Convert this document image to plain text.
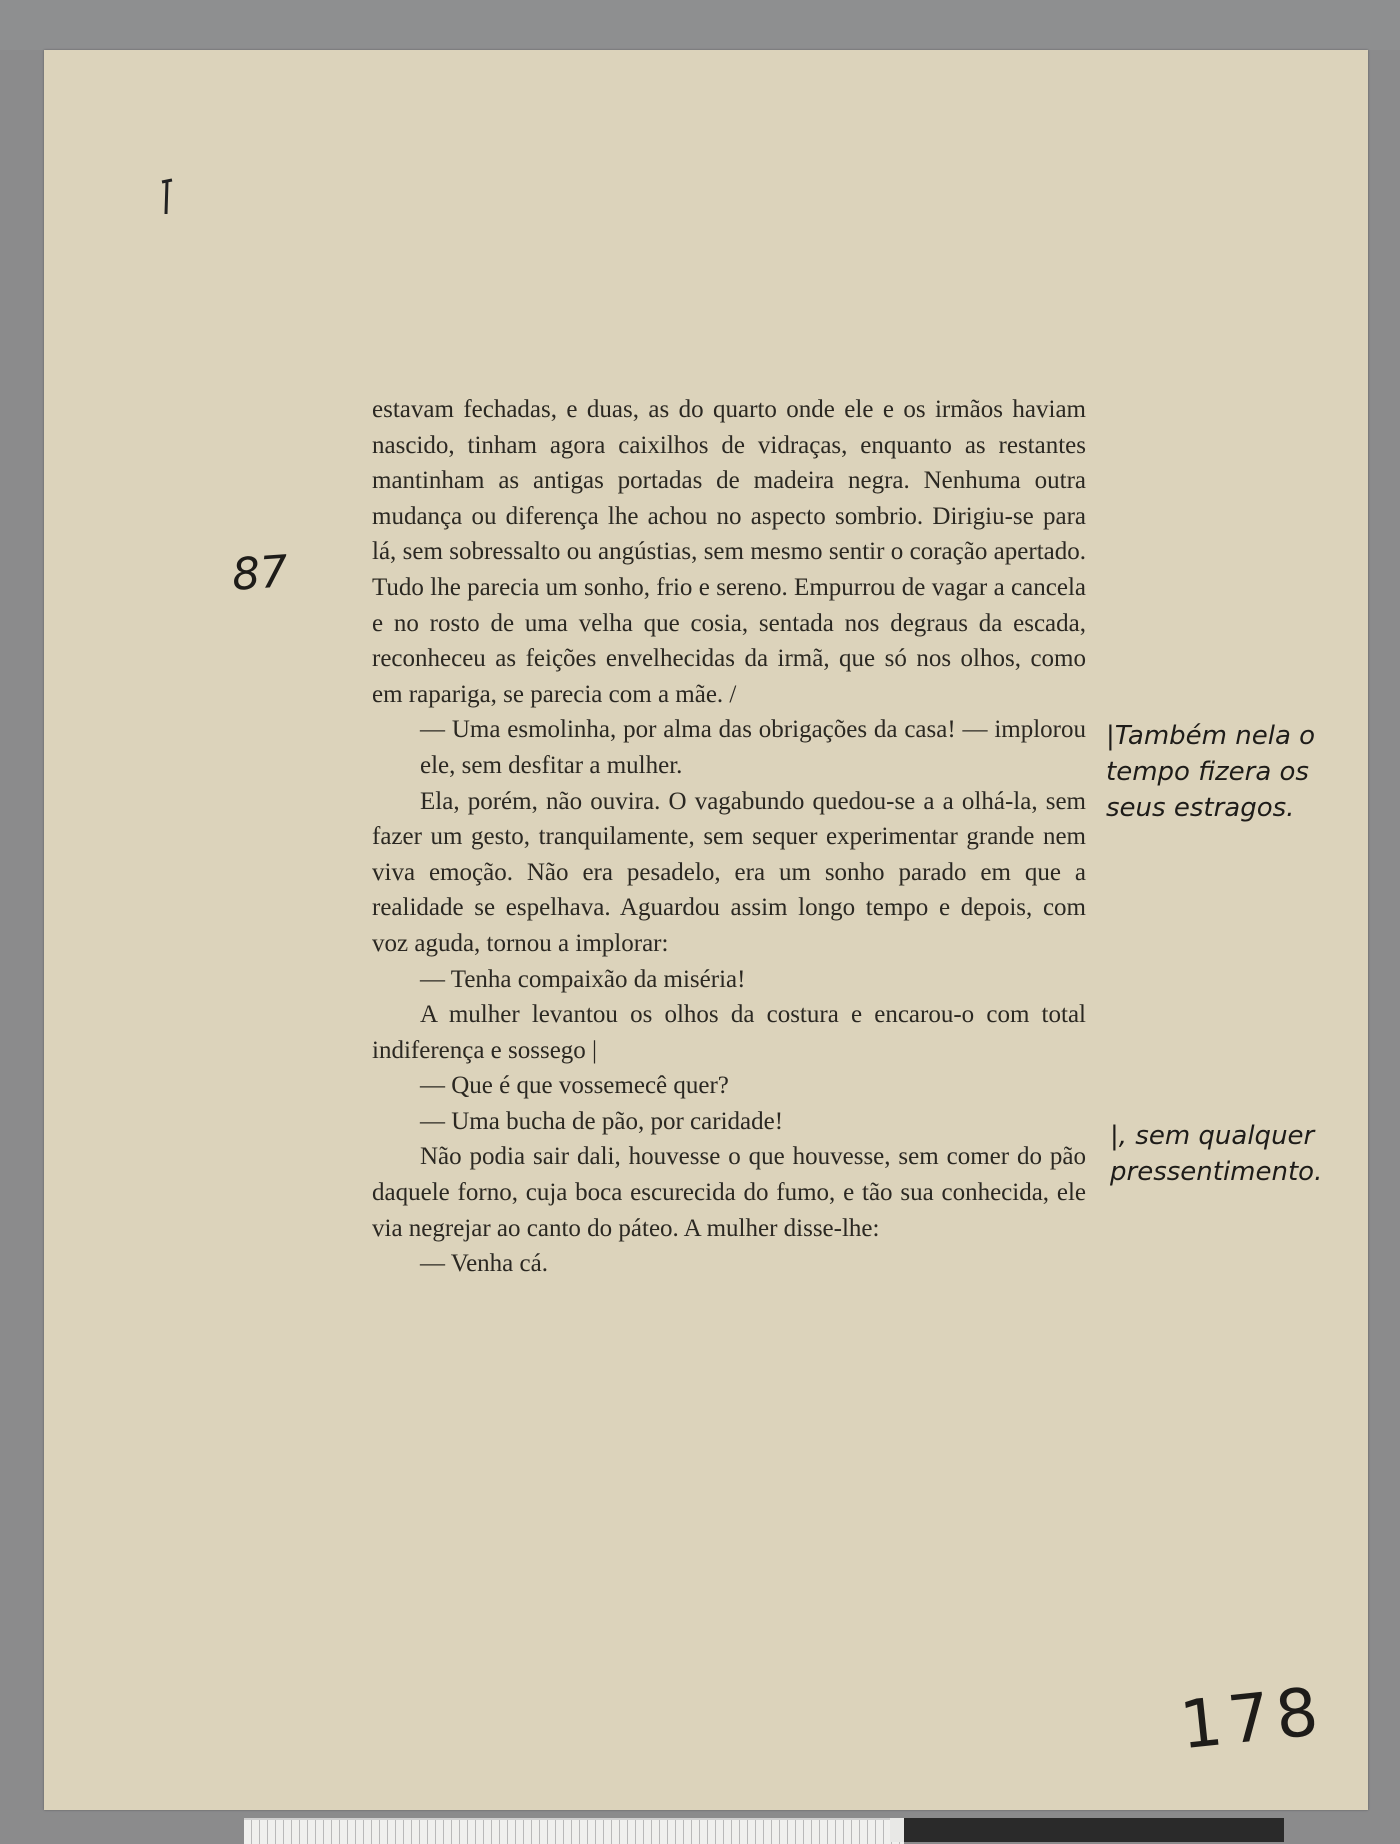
87

estavam fechadas, e duas, as do quarto onde ele e os irmãos haviam nascido, tinham agora caixilhos de vidraças, enquanto as restantes mantinham as antigas portadas de madeira negra. Nenhuma outra mudança ou diferença lhe achou no aspecto sombrio. Dirigiu-se para lá, sem sobressalto ou angústias, sem mesmo sentir o coração apertado. Tudo lhe parecia um sonho, frio e sereno. Empurrou de vagar a cancela e no rosto de uma velha que cosia, sentada nos degraus da escada, reconheceu as feições envelhecidas da irmã, que só nos olhos, como em rapariga, se parecia com a mãe. /

— Uma esmolinha, por alma das obrigações da casa! — implorou ele, sem desfitar a mulher.

Ela, porém, não ouvira. O vagabundo quedou-se a a olhá-la, sem fazer um gesto, tranquilamente, sem sequer experimentar grande nem viva emoção. Não era pesadelo, era um sonho parado em que a realidade se espelhava. Aguardou assim longo tempo e depois, com voz aguda, tornou a implorar:

— Tenha compaixão da miséria!

A mulher levantou os olhos da costura e encarou-o com total indiferença e sossego |

— Que é que vossemecê quer?

— Uma bucha de pão, por caridade!

Não podia sair dali, houvesse o que houvesse, sem comer do pão daquele forno, cuja boca escurecida do fumo, e tão sua conhecida, ele via negrejar ao canto do páteo. A mulher disse-lhe:

— Venha cá.

|Também nela o tempo fizera os seus estragos.
|, sem qualquer pressentimento.
178
